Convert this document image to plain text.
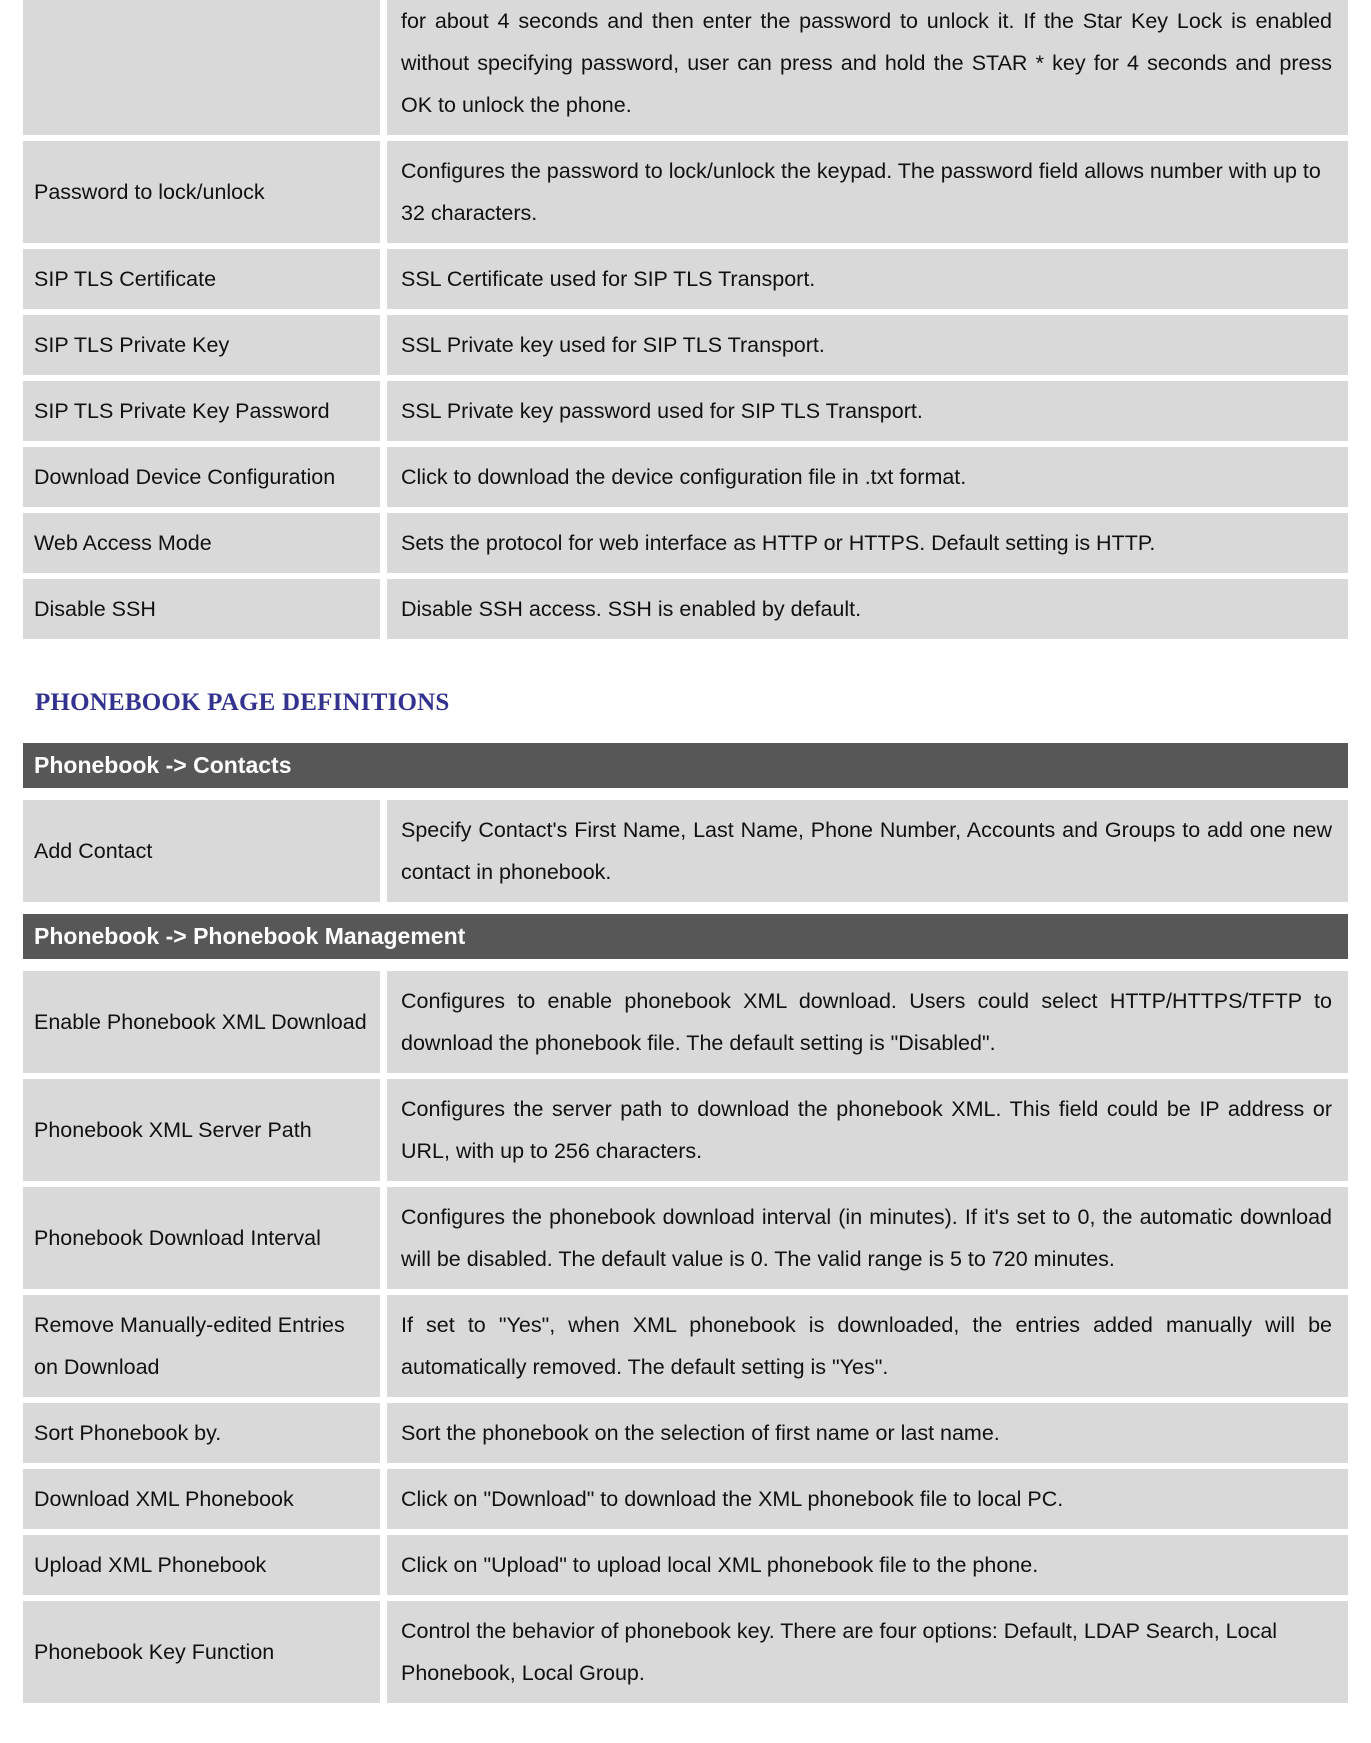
	for about 4 seconds and then enter the password to unlock it. If the Star Key Lock is enabled without specifying password, user can press and hold the STAR * key for 4 seconds and press OK to unlock the phone.
Password to lock/unlock	Configures the password to lock/unlock the keypad. The password field allows number with up to 32 characters.
SIP TLS Certificate	SSL Certificate used for SIP TLS Transport.
SIP TLS Private Key	SSL Private key used for SIP TLS Transport.
SIP TLS Private Key Password	SSL Private key password used for SIP TLS Transport.
Download Device Configuration	Click to download the device configuration file in .txt format.
Web Access Mode	Sets the protocol for web interface as HTTP or HTTPS. Default setting is HTTP.
Disable SSH	Disable SSH access. SSH is enabled by default.
PHONEBOOK PAGE DEFINITIONS
Phonebook -> Contacts
Add Contact	Specify Contact's First Name, Last Name, Phone Number, Accounts and Groups to add one new contact in phonebook.
Phonebook -> Phonebook Management
Enable Phonebook XML Download	Configures to enable phonebook XML download. Users could select HTTP/HTTPS/TFTP to download the phonebook file. The default setting is "Disabled".
Phonebook XML Server Path	Configures the server path to download the phonebook XML. This field could be IP address or URL, with up to 256 characters.
Phonebook Download Interval	Configures the phonebook download interval (in minutes). If it's set to 0, the automatic download will be disabled. The default value is 0. The valid range is 5 to 720 minutes.
Remove Manually-edited Entries on Download	If set to "Yes", when XML phonebook is downloaded, the entries added manually will be automatically removed. The default setting is "Yes".
Sort Phonebook by.	Sort the phonebook on the selection of first name or last name.
Download XML Phonebook	Click on "Download" to download the XML phonebook file to local PC.
Upload XML Phonebook	Click on "Upload" to upload local XML phonebook file to the phone.
Phonebook Key Function	Control the behavior of phonebook key. There are four options: Default, LDAP Search, Local Phonebook, Local Group.
